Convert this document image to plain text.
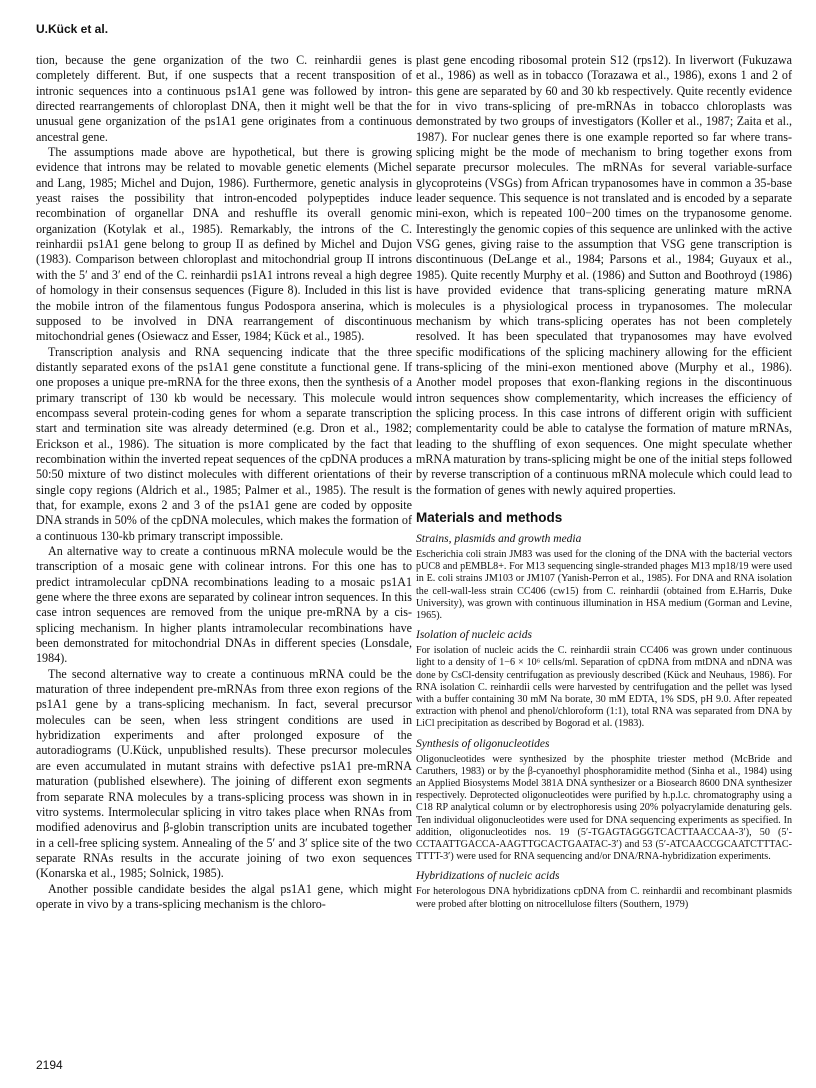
U.Kück et al.

tion, because the gene organization of the two C. reinhardii genes is completely different. But, if one suspects that a recent transposition of intronic sequences into a continuous ps1A1 gene was followed by intron-directed rearrangements of chloroplast DNA, then it might well be that the unusual gene organization of the ps1A1 gene originates from a continuous ancestral gene.

The assumptions made above are hypothetical, but there is growing evidence that introns may be related to movable genetic elements (Michel and Lang, 1985; Michel and Dujon, 1986). Furthermore, genetic analysis in yeast raises the possibility that intron-encoded polypeptides induce recombination of organellar DNA and reshuffle its overall genomic organization (Kotylak et al., 1985). Remarkably, the introns of the C. reinhardii ps1A1 gene belong to group II as defined by Michel and Dujon (1983). Comparison between chloroplast and mitochondrial group II introns with the 5′ and 3′ end of the C. reinhardii ps1A1 introns reveal a high degree of homology in their consensus sequences (Figure 8). Included in this list is the mobile intron of the filamentous fungus Podospora anserina, which is supposed to be involved in DNA rearrangement of discontinuous mitochondrial genes (Osiewacz and Esser, 1984; Kück et al., 1985).

Transcription analysis and RNA sequencing indicate that the three distantly separated exons of the ps1A1 gene constitute a functional gene. If one proposes a unique pre-mRNA for the three exons, then the synthesis of a primary transcript of 130 kb would be necessary. This molecule would encompass several protein-coding genes for whom a separate transcription start and termination site was already determined (e.g. Dron et al., 1982; Erickson et al., 1986). The situation is more complicated by the fact that recombination within the inverted repeat sequences of the cpDNA produces a 50:50 mixture of two distinct molecules with different orientations of their single copy regions (Aldrich et al., 1985; Palmer et al., 1985). The result is that, for example, exons 2 and 3 of the ps1A1 gene are coded by opposite DNA strands in 50% of the cpDNA molecules, which makes the formation of a continuous 130-kb primary transcript impossible.

An alternative way to create a continuous mRNA molecule would be the transcription of a mosaic gene with colinear introns. For this one has to predict intramolecular cpDNA recombinations leading to a mosaic ps1A1 gene where the three exons are separated by colinear intron sequences. In this case intron sequences are removed from the unique pre-mRNA by a cis-splicing mechanism. In higher plants intramolecular recombinations have been demonstrated for mitochondrial DNAs in different species (Lonsdale, 1984).

The second alternative way to create a continuous mRNA could be the maturation of three independent pre-mRNAs from three exon regions of the ps1A1 gene by a trans-splicing mechanism. In fact, several precursor molecules can be seen, when less stringent conditions are used in hybridization experiments and after prolonged exposure of the autoradiograms (U.Kück, unpublished results). These precursor molecules are even accumulated in mutant strains with defective ps1A1 pre-mRNA maturation (published elsewhere). The joining of different exon segments from separate RNA molecules by a trans-splicing process was shown in in vitro systems. Intermolecular splicing in vitro takes place when RNAs from modified adenovirus and β-globin transcription units are incubated together in a cell-free splicing system. Annealing of the 5′ and 3′ splice site of the two separate RNAs results in the accurate joining of two exon sequences (Konarska et al., 1985; Solnick, 1985).

Another possible candidate besides the algal ps1A1 gene, which might operate in vivo by a trans-splicing mechanism is the chloro-

plast gene encoding ribosomal protein S12 (rps12). In liverwort (Fukuzawa et al., 1986) as well as in tobacco (Torazawa et al., 1986), exons 1 and 2 of this gene are separated by 60 and 30 kb respectively. Quite recently evidence for in vivo trans-splicing of pre-mRNAs in tobacco chloroplasts was demonstrated by two groups of investigators (Koller et al., 1987; Zaita et al., 1987). For nuclear genes there is one example reported so far where trans-splicing might be the mode of mechanism to bring together exons from separate precursor molecules. The mRNAs for several variable-surface glycoproteins (VSGs) from African trypanosomes have in common a 35-base leader sequence. This sequence is not translated and is encoded by a separate mini-exon, which is repeated 100−200 times on the trypanosome genome. Interestingly the genomic copies of this sequence are unlinked with the active VSG genes, giving raise to the assumption that VSG gene transcription is discontinuous (DeLange et al., 1984; Parsons et al., 1984; Guyaux et al., 1985). Quite recently Murphy et al. (1986) and Sutton and Boothroyd (1986) have provided evidence that trans-splicing generating mature mRNA molecules is a physiological process in trypanosomes. The molecular mechanism by which trans-splicing operates has not been completely resolved. It has been speculated that trypanosomes may have evolved specific modifications of the splicing machinery allowing for the efficient trans-splicing of the mini-exon mentioned above (Murphy et al., 1986). Another model proposes that exon-flanking regions in the discontinuous intron sequences show complementarity, which increases the efficiency of the splicing process. In this case introns of different origin with sufficient complementarity could be able to catalyse the formation of mature mRNAs, leading to the shuffling of exon sequences. One might speculate whether mRNA maturation by trans-splicing might be one of the initial steps followed by reverse transcription of a continuous mRNA molecule which could lead to the formation of genes with newly aquired properties.

Materials and methods
Strains, plasmids and growth media

Escherichia coli strain JM83 was used for the cloning of the DNA with the bacterial vectors pUC8 and pEMBL8+. For M13 sequencing single-stranded phages M13 mp18/19 were used in E. coli strains JM103 or JM107 (Yanish-Perron et al., 1985). For DNA and RNA isolation the cell-wall-less strain CC406 (cw15) from C. reinhardii (obtained from E.Harris, Duke University), was grown with continuous illumination in HSA medium (Gorman and Levine, 1965).

Isolation of nucleic acids

For isolation of nucleic acids the C. reinhardii strain CC406 was grown under continuous light to a density of 1−6 × 10⁶ cells/ml. Separation of cpDNA from mtDNA and nDNA was done by CsCl-density centrifugation as previously described (Kück and Neuhaus, 1986). For RNA isolation C. reinhardii cells were harvested by centrifugation and the pellet was lysed with a buffer containing 30 mM Na borate, 30 mM EDTA, 1% SDS, pH 9.0. After repeated extraction with phenol and phenol/chloroform (1:1), total RNA was separated from DNA by LiCl precipitation as described by Bogorad et al. (1983).

Synthesis of oligonucleotides

Oligonucleotides were synthesized by the phosphite triester method (McBride and Caruthers, 1983) or by the β-cyanoethyl phosphoramidite method (Sinha et al., 1984) using an Applied Biosystems Model 381A DNA synthesizer or a Biosearch 8600 DNA synthesizer respectively. Deprotected oligonucleotides were purified by h.p.l.c. chromatography using a C18 RP analytical column or by electrophoresis using 20% polyacrylamide denaturing gels. Ten individual oligonucleotides were used for DNA sequencing experiments as specified. In addition, oligonucleotides nos. 19 (5′-TGAGTAGGGTCACTTAACCAA-3′), 50 (5′-CCTAATTGACCA-AAGTTGCACTGAATAC-3′) and 53 (5′-ATCAACCGCAATCTTTAC-TTTT-3′) were used for RNA sequencing and/or DNA/RNA-hybridization experiments.

Hybridizations of nucleic acids

For heterologous DNA hybridizations cpDNA from C. reinhardii and recombinant plasmids were probed after blotting on nitrocellulose filters (Southern, 1979)

2194
